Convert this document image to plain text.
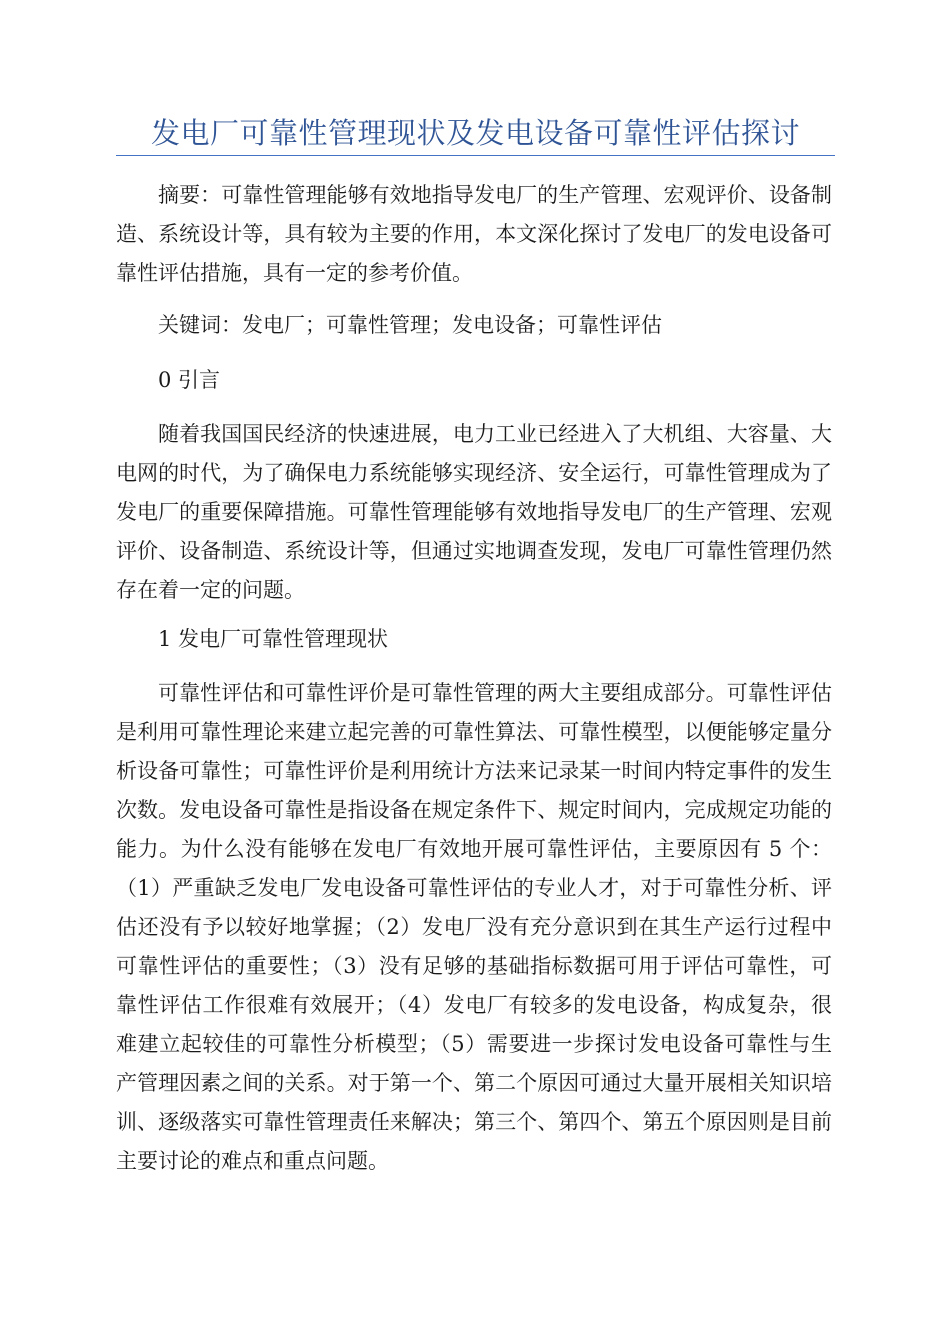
发电厂可靠性管理现状及发电设备可靠性评估探讨

摘要：可靠性管理能够有效地指导发电厂的生产管理、宏观评价、设备制造、系统设计等，具有较为主要的作用，本文深化探讨了发电厂的发电设备可靠性评估措施，具有一定的参考价值。

关键词：发电厂；可靠性管理；发电设备；可靠性评估

0 引言

随着我国国民经济的快速进展，电力工业已经进入了大机组、大容量、大电网的时代，为了确保电力系统能够实现经济、安全运行，可靠性管理成为了发电厂的重要保障措施。可靠性管理能够有效地指导发电厂的生产管理、宏观评价、设备制造、系统设计等，但通过实地调查发现，发电厂可靠性管理仍然存在着一定的问题。

1 发电厂可靠性管理现状

可靠性评估和可靠性评价是可靠性管理的两大主要组成部分。可靠性评估是利用可靠性理论来建立起完善的可靠性算法、可靠性模型，以便能够定量分析设备可靠性；可靠性评价是利用统计方法来记录某一时间内特定事件的发生次数。发电设备可靠性是指设备在规定条件下、规定时间内，完成规定功能的能力。为什么没有能够在发电厂有效地开展可靠性评估，主要原因有 5 个：（1）严重缺乏发电厂发电设备可靠性评估的专业人才，对于可靠性分析、评估还没有予以较好地掌握；（2）发电厂没有充分意识到在其生产运行过程中可靠性评估的重要性；（3）没有足够的基础指标数据可用于评估可靠性，可靠性评估工作很难有效展开；（4）发电厂有较多的发电设备，构成复杂，很难建立起较佳的可靠性分析模型；（5）需要进一步探讨发电设备可靠性与生产管理因素之间的关系。对于第一个、第二个原因可通过大量开展相关知识培训、逐级落实可靠性管理责任来解决；第三个、第四个、第五个原因则是目前主要讨论的难点和重点问题。
